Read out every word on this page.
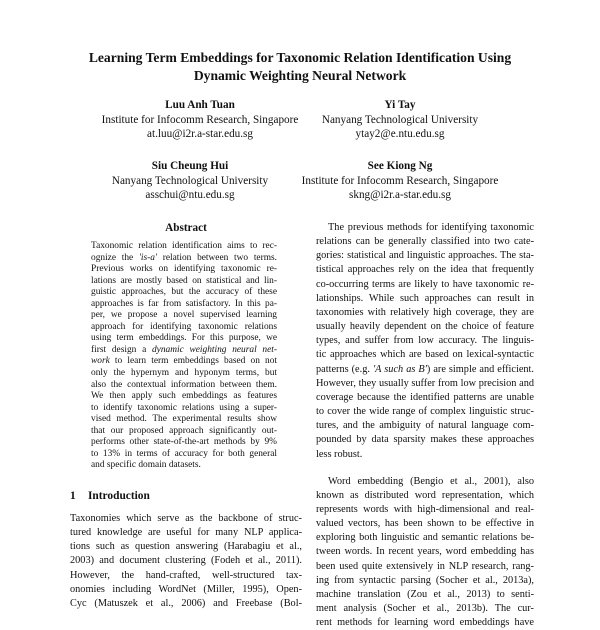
Learning Term Embeddings for Taxonomic Relation Identification Using
Dynamic Weighting Neural Network
Luu Anh Tuan
Institute for Infocomm Research, Singapore
at.luu@i2r.a-star.edu.sg
Yi Tay
Nanyang Technological University
ytay2@e.ntu.edu.sg
Siu Cheung Hui
Nanyang Technological University
asschui@ntu.edu.sg
See Kiong Ng
Institute for Infocomm Research, Singapore
skng@i2r.a-star.edu.sg
Abstract
Taxonomic relation identification aims to rec-
ognize the 'is-a' relation between two terms.
Previous works on identifying taxonomic re-
lations are mostly based on statistical and lin-
guistic approaches, but the accuracy of these
approaches is far from satisfactory. In this pa-
per, we propose a novel supervised learning
approach for identifying taxonomic relations
using term embeddings. For this purpose, we
first design a dynamic weighting neural net-
work to learn term embeddings based on not
only the hypernym and hyponym terms, but
also the contextual information between them.
We then apply such embeddings as features
to identify taxonomic relations using a super-
vised method. The experimental results show
that our proposed approach significantly out-
performs other state-of-the-art methods by 9%
to 13% in terms of accuracy for both general
and specific domain datasets.
1 Introduction
Taxonomies which serve as the backbone of struc-
tured knowledge are useful for many NLP applica-
tions such as question answering (Harabagiu et al.,
2003) and document clustering (Fodeh et al., 2011).
However, the hand-crafted, well-structured tax-
onomies including WordNet (Miller, 1995), Open-
Cyc (Matuszek et al., 2006) and Freebase (Bol-
The previous methods for identifying taxonomic
relations can be generally classified into two cate-
gories: statistical and linguistic approaches. The sta-
tistical approaches rely on the idea that frequently
co-occurring terms are likely to have taxonomic re-
lationships. While such approaches can result in
taxonomies with relatively high coverage, they are
usually heavily dependent on the choice of feature
types, and suffer from low accuracy. The linguis-
tic approaches which are based on lexical-syntactic
patterns (e.g. 'A such as B') are simple and efficient.
However, they usually suffer from low precision and
coverage because the identified patterns are unable
to cover the wide range of complex linguistic struc-
tures, and the ambiguity of natural language com-
pounded by data sparsity makes these approaches
less robust.
Word embedding (Bengio et al., 2001), also
known as distributed word representation, which
represents words with high-dimensional and real-
valued vectors, has been shown to be effective in
exploring both linguistic and semantic relations be-
tween words. In recent years, word embedding has
been used quite extensively in NLP research, rang-
ing from syntactic parsing (Socher et al., 2013a),
machine translation (Zou et al., 2013) to senti-
ment analysis (Socher et al., 2013b). The cur-
rent methods for learning word embeddings have
